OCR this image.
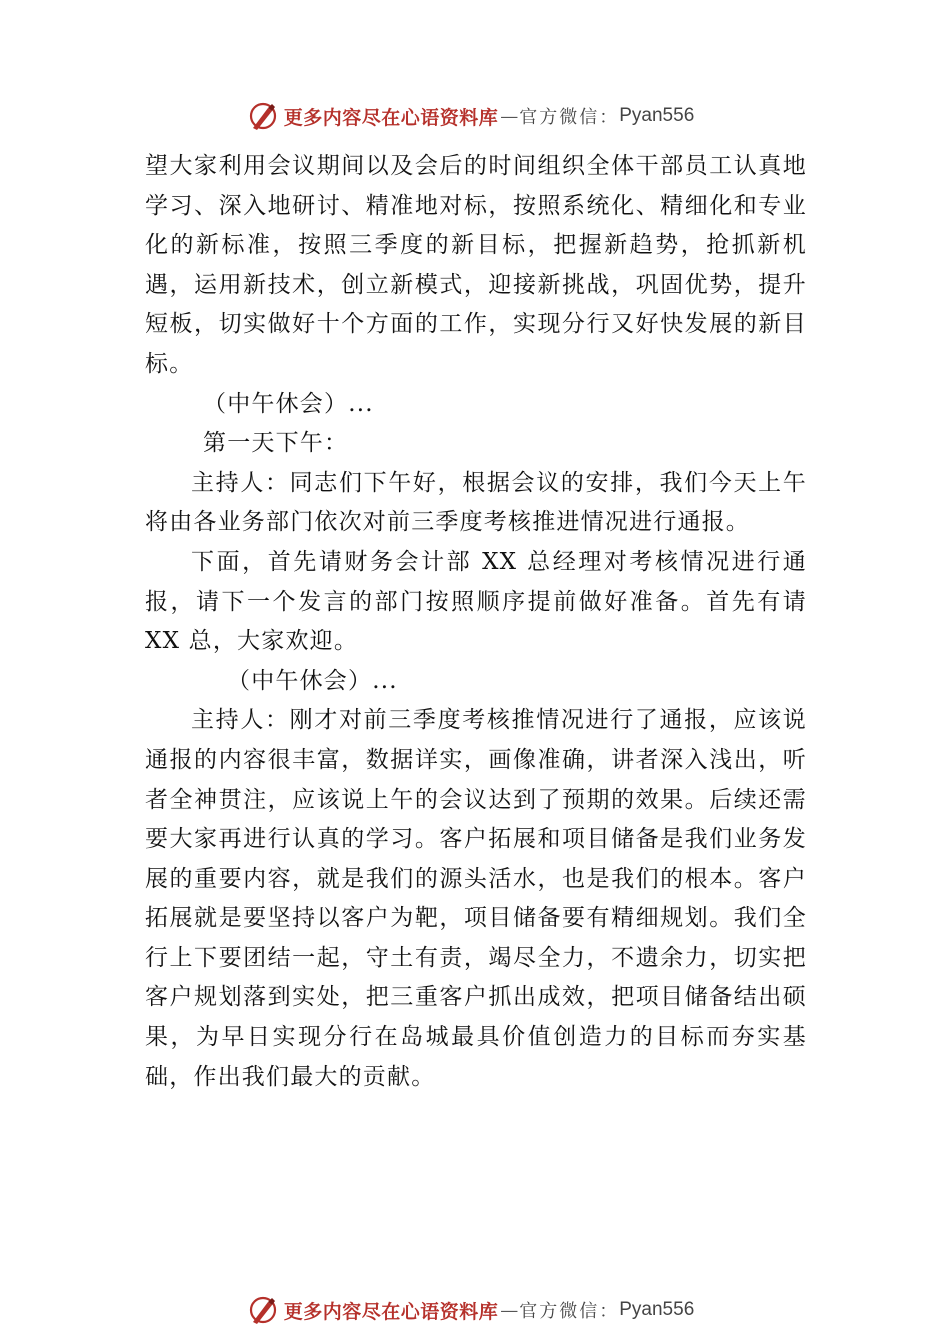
更多内容尽在心语资料库 — 官方微信： Pyan556

望大家利用会议期间以及会后的时间组织全体干部员工认真地学习、深入地研讨、精准地对标，按照系统化、精细化和专业化的新标准，按照三季度的新目标，把握新趋势，抢抓新机遇，运用新技术，创立新模式，迎接新挑战，巩固优势，提升短板，切实做好十个方面的工作，实现分行又好快发展的新目标。

（中午休会）...

第一天下午：

主持人：同志们下午好，根据会议的安排，我们今天上午将由各业务部门依次对前三季度考核推进情况进行通报。

下面，首先请财务会计部 XX 总经理对考核情况进行通报，请下一个发言的部门按照顺序提前做好准备。首先有请 XX 总，大家欢迎。

（中午休会）...

主持人：刚才对前三季度考核推情况进行了通报，应该说通报的内容很丰富，数据详实，画像准确，讲者深入浅出，听者全神贯注，应该说上午的会议达到了预期的效果。后续还需要大家再进行认真的学习。客户拓展和项目储备是我们业务发展的重要内容，就是我们的源头活水，也是我们的根本。客户拓展就是要坚持以客户为靶，项目储备要有精细规划。我们全行上下要团结一起，守土有责，竭尽全力，不遗余力，切实把客户规划落到实处，把三重客户抓出成效，把项目储备结出硕果，为早日实现分行在岛城最具价值创造力的目标而夯实基础，作出我们最大的贡献。

更多内容尽在心语资料库 — 官方微信： Pyan556
